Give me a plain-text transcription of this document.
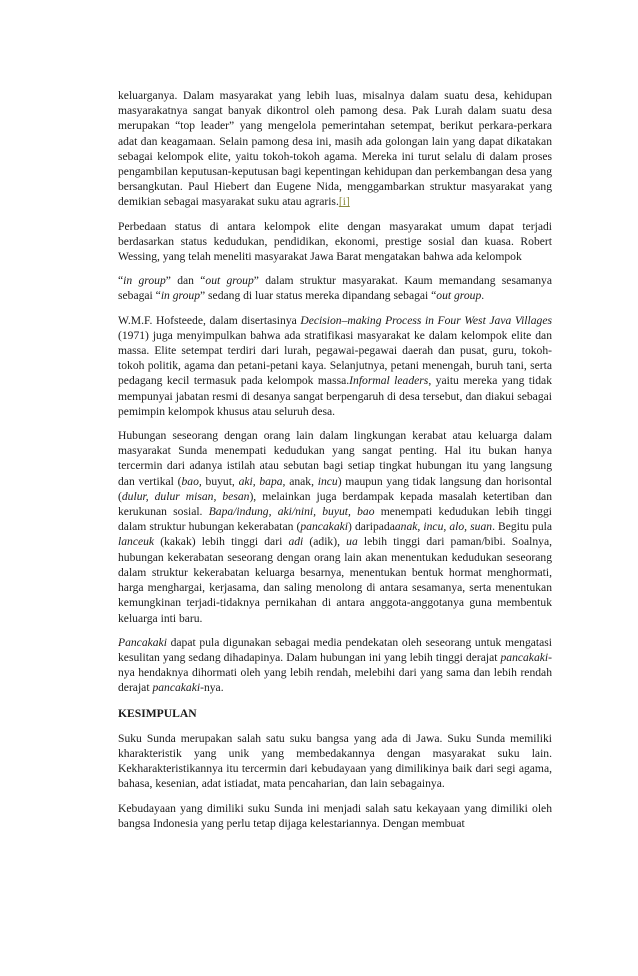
keluarganya. Dalam masyarakat yang lebih luas, misalnya dalam suatu desa, kehidupan masyarakatnya sangat banyak dikontrol oleh pamong desa. Pak Lurah dalam suatu desa merupakan “top leader” yang mengelola pemerintahan setempat, berikut perkara-perkara adat dan keagamaan. Selain pamong desa ini, masih ada golongan lain yang dapat dikatakan sebagai kelompok elite, yaitu tokoh-tokoh agama. Mereka ini turut selalu di dalam proses pengambilan keputusan-keputusan bagi kepentingan kehidupan dan perkembangan desa yang bersangkutan. Paul Hiebert dan Eugene Nida, menggambarkan struktur masyarakat yang demikian sebagai masyarakat suku atau agraris.[i]

Perbedaan status di antara kelompok elite dengan masyarakat umum dapat terjadi berdasarkan status kedudukan, pendidikan, ekonomi, prestige sosial dan kuasa. Robert Wessing, yang telah meneliti masyarakat Jawa Barat mengatakan bahwa ada kelompok

“in group” dan “out group” dalam struktur masyarakat. Kaum memandang sesamanya sebagai “in group” sedang di luar status mereka dipandang sebagai “out group.

W.M.F. Hofsteede, dalam disertasinya Decision–making Process in Four West Java Villages (1971) juga menyimpulkan bahwa ada stratifikasi masyarakat ke dalam kelompok elite dan massa. Elite setempat terdiri dari lurah, pegawai-pegawai daerah dan pusat, guru, tokoh-tokoh politik, agama dan petani-petani kaya. Selanjutnya, petani menengah, buruh tani, serta pedagang kecil termasuk pada kelompok massa.Informal leaders, yaitu mereka yang tidak mempunyai jabatan resmi di desanya sangat berpengaruh di desa tersebut, dan diakui sebagai pemimpin kelompok khusus atau seluruh desa.

Hubungan seseorang dengan orang lain dalam lingkungan kerabat atau keluarga dalam masyarakat Sunda menempati kedudukan yang sangat penting. Hal itu bukan hanya tercermin dari adanya istilah atau sebutan bagi setiap tingkat hubungan itu yang langsung dan vertikal (bao, buyut, aki, bapa, anak, incu) maupun yang tidak langsung dan horisontal (dulur, dulur misan, besan), melainkan juga berdampak kepada masalah ketertiban dan kerukunan sosial. Bapa/indung, aki/nini, buyut, bao menempati kedudukan lebih tinggi dalam struktur hubungan kekerabatan (pancakaki) daripadaanak, incu, alo, suan. Begitu pula lanceuk (kakak) lebih tinggi dari adi (adik), ua lebih tinggi dari paman/bibi. Soalnya, hubungan kekerabatan seseorang dengan orang lain akan menentukan kedudukan seseorang dalam struktur kekerabatan keluarga besarnya, menentukan bentuk hormat menghormati, harga menghargai, kerjasama, dan saling menolong di antara sesamanya, serta menentukan kemungkinan terjadi-tidaknya pernikahan di antara anggota-anggotanya guna membentuk keluarga inti baru.

Pancakaki dapat pula digunakan sebagai media pendekatan oleh seseorang untuk mengatasi kesulitan yang sedang dihadapinya. Dalam hubungan ini yang lebih tinggi derajat pancakaki-nya hendaknya dihormati oleh yang lebih rendah, melebihi dari yang sama dan lebih rendah derajat pancakaki-nya.

KESIMPULAN

Suku Sunda merupakan salah satu suku bangsa yang ada di Jawa. Suku Sunda memiliki kharakteristik yang unik yang membedakannya dengan masyarakat suku lain. Kekharakteristikannya itu tercermin dari kebudayaan yang dimilikinya baik dari segi agama, bahasa, kesenian, adat istiadat, mata pencaharian, dan lain sebagainya.

Kebudayaan yang dimiliki suku Sunda ini menjadi salah satu kekayaan yang dimiliki oleh bangsa Indonesia yang perlu tetap dijaga kelestariannya. Dengan membuat
